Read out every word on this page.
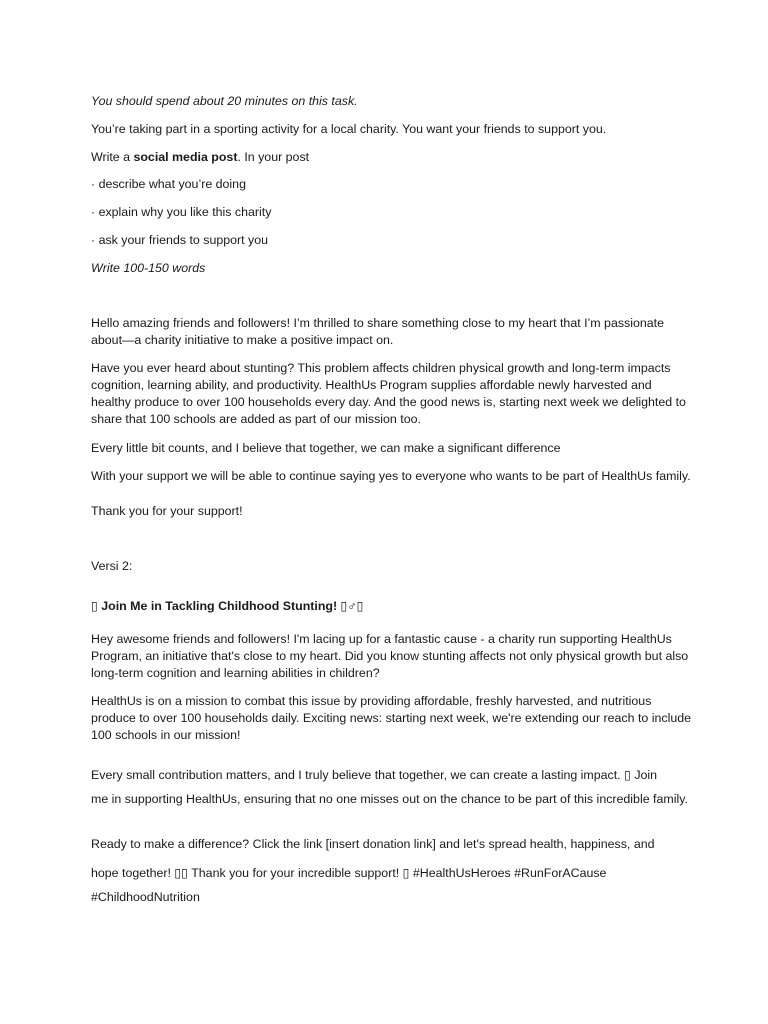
You should spend about 20 minutes on this task.

You’re taking part in a sporting activity for a local charity. You want your friends to support you.

Write a social media post. In your post

· describe what you’re doing

· explain why you like this charity

· ask your friends to support you

Write 100-150 words

Hello amazing friends and followers! I’m thrilled to share something close to my heart that I’m passionate about—a charity initiative to make a positive impact on.

Have you ever heard about stunting? This problem affects children physical growth and long-term impacts cognition, learning ability, and productivity. HealthUs Program supplies affordable newly harvested and healthy produce to over 100 households every day. And the good news is, starting next week we delighted to share that 100 schools are added as part of our mission too.

Every little bit counts, and I believe that together, we can make a significant difference

With your support we will be able to continue saying yes to everyone who wants to be part of HealthUs family.

Thank you for your support!

Versi 2:

▯ Join Me in Tackling Childhood Stunting! ▯♂▯

Hey awesome friends and followers! I'm lacing up for a fantastic cause - a charity run supporting HealthUs Program, an initiative that's close to my heart. Did you know stunting affects not only physical growth but also long-term cognition and learning abilities in children?

HealthUs is on a mission to combat this issue by providing affordable, freshly harvested, and nutritious produce to over 100 households daily. Exciting news: starting next week, we're extending our reach to include 100 schools in our mission!

Every small contribution matters, and I truly believe that together, we can create a lasting impact. ▯ Join

me in supporting HealthUs, ensuring that no one misses out on the chance to be part of this incredible family.

Ready to make a difference? Click the link [insert donation link] and let's spread health, happiness, and

hope together! ▯▯ Thank you for your incredible support! ▯ #HealthUsHeroes #RunForACause

#ChildhoodNutrition
